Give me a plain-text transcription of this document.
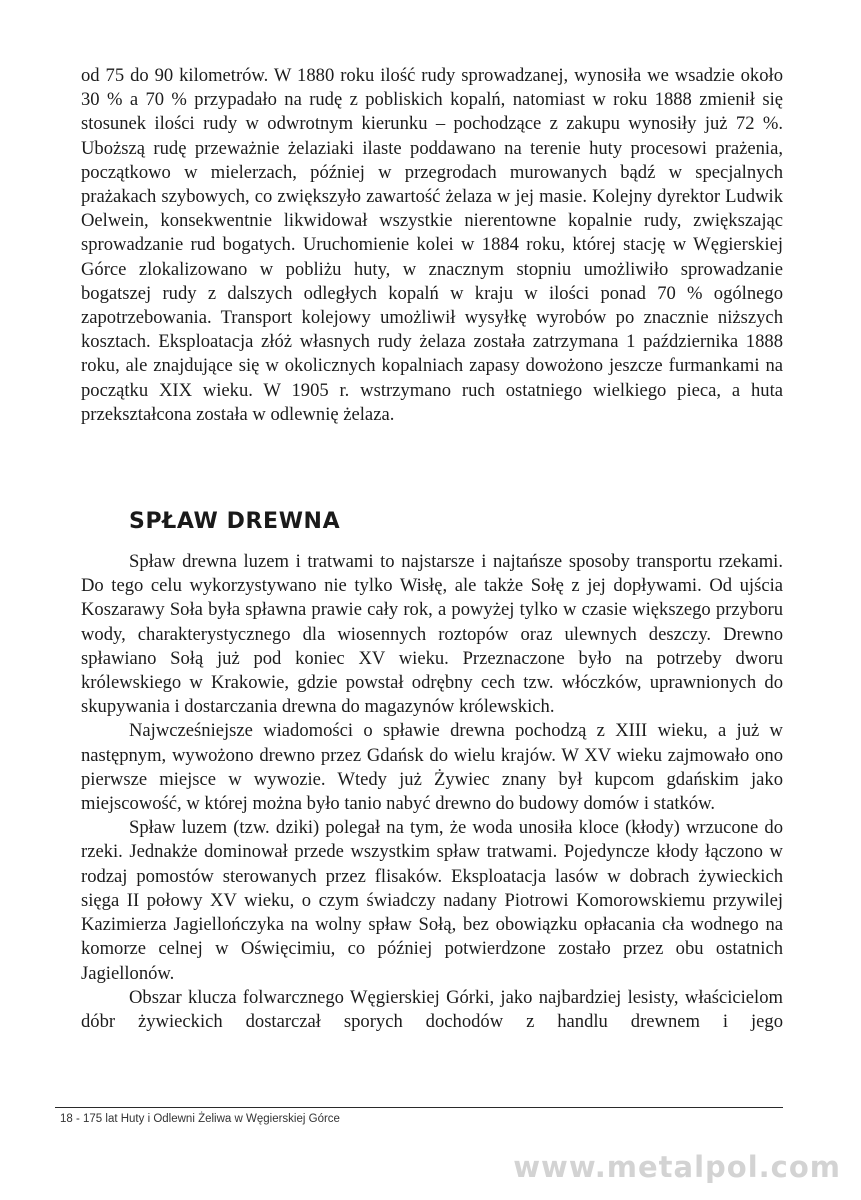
od 75 do 90 kilometrów. W 1880 roku ilość rudy sprowadzanej, wynosiła we wsadzie około 30 % a 70 % przypadało na rudę z pobliskich kopalń, natomiast w roku 1888 zmienił się stosunek ilości rudy w odwrotnym kierunku – pochodzące z zakupu wynosiły już 72 %. Uboższą rudę przeważnie żelaziaki ilaste poddawano na terenie huty procesowi prażenia, początkowo w mielerzach, później w przegrodach murowanych bądź w specjalnych prażakach szybowych, co zwiększyło zawartość żelaza w jej masie. Kolejny dyrektor Ludwik Oelwein, konsekwentnie likwidował wszystkie nierentowne kopalnie rudy, zwiększając sprowadzanie rud bogatych. Uruchomienie kolei w 1884 roku, której stację w Węgierskiej Górce zlokalizowano w pobliżu huty, w znacznym stopniu umożliwiło sprowadzanie bogatszej rudy z dalszych odległych kopalń w kraju w ilości ponad 70 % ogólnego zapotrzebowania. Transport kolejowy umożliwił wysyłkę wyrobów po znacznie niższych kosztach. Eksploatacja złóż własnych rudy żelaza została zatrzymana 1 października 1888 roku, ale znajdujące się w okolicznych kopalniach zapasy dowożono jeszcze furmankami na początku XIX wieku. W 1905 r. wstrzymano ruch ostatniego wielkiego pieca, a huta przekształcona została w odlewnię żelaza.

SPŁAW DREWNA

Spław drewna luzem i tratwami to najstarsze i najtańsze sposoby transportu rzekami. Do tego celu wykorzystywano nie tylko Wisłę, ale także Sołę z jej dopływami. Od ujścia Koszarawy Soła była spławna prawie cały rok, a powyżej tylko w czasie większego przyboru wody, charakterystycznego dla wiosennych roztopów oraz ulewnych deszczy. Drewno spławiano Sołą już pod koniec XV wieku. Przeznaczone było na potrzeby dworu królewskiego w Krakowie, gdzie powstał odrębny cech tzw. włóczków, uprawnionych do skupywania i dostarczania drewna do magazynów królewskich.

Najwcześniejsze wiadomości o spławie drewna pochodzą z XIII wieku, a już w następnym, wywożono drewno przez Gdańsk do wielu krajów. W XV wieku zajmowało ono pierwsze miejsce w wywozie. Wtedy już Żywiec znany był kupcom gdańskim jako miejscowość, w której można było tanio nabyć drewno do budowy domów i statków.

Spław luzem (tzw. dziki) polegał na tym, że woda unosiła kloce (kłody) wrzucone do rzeki. Jednakże dominował przede wszystkim spław tratwami. Pojedyncze kłody łączono w rodzaj pomostów sterowanych przez flisaków. Eksploatacja lasów w dobrach żywieckich sięga II połowy XV wieku, o czym świadczy nadany Piotrowi Komorowskiemu przywilej Kazimierza Jagiellończyka na wolny spław Sołą, bez obowiązku opłacania cła wodnego na komorze celnej w Oświęcimiu, co później potwierdzone zostało przez obu ostatnich Jagiellonów.

Obszar klucza folwarcznego Węgierskiej Górki, jako najbardziej lesisty, właścicielom dóbr żywieckich dostarczał sporych dochodów z handlu drewnem i jego

18 - 175 lat Huty i Odlewni Żeliwa w Węgierskiej Górce
www.metalpol.com
